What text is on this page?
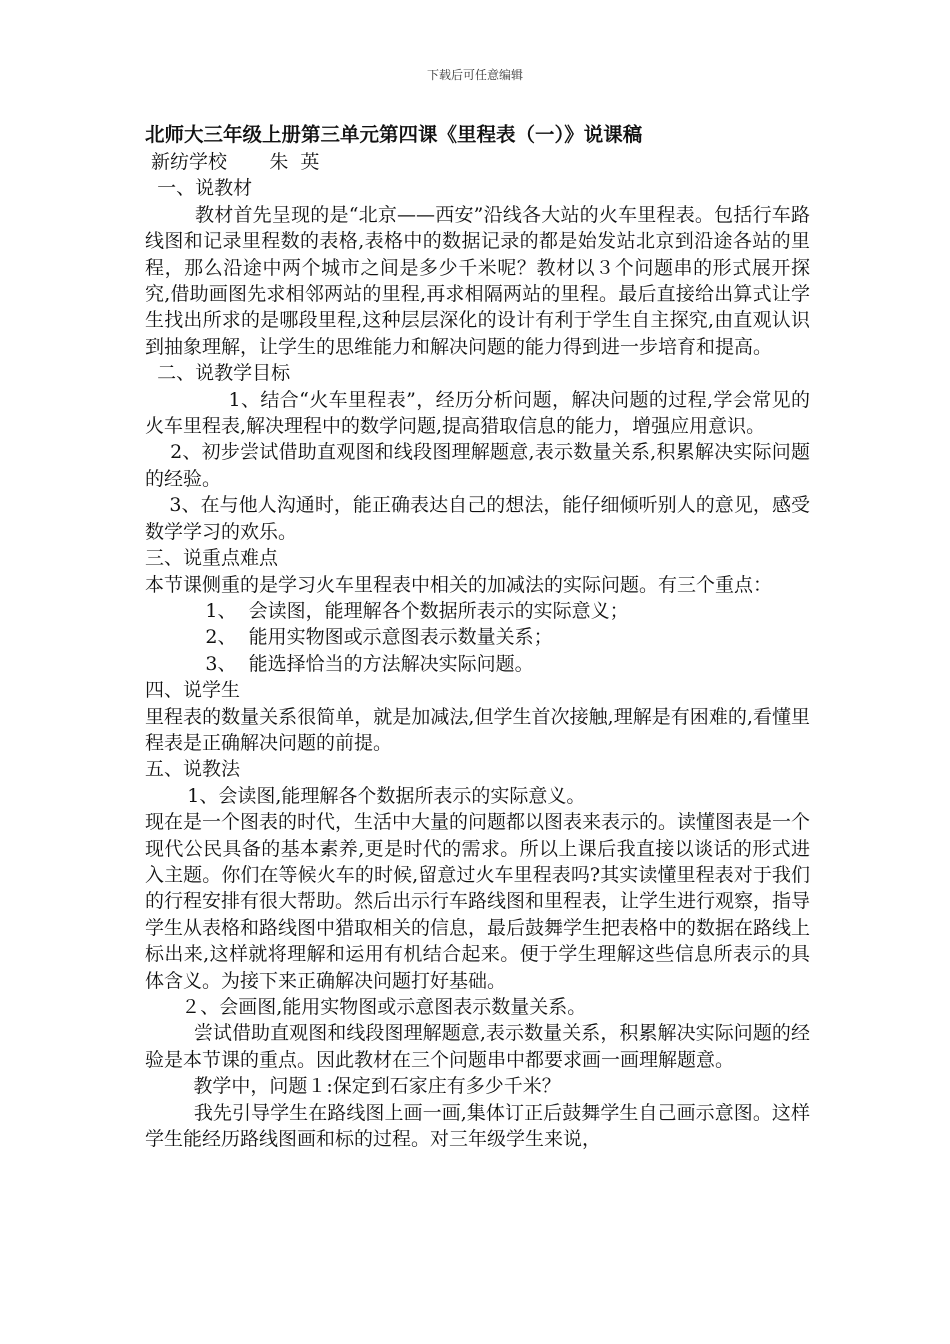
下载后可任意编辑

北师大三年级上册第三单元第四课《里程表（一）》说课稿

新纺学校       朱  英

一、说教材

教材首先呈现的是“北京——西安”沿线各大站的火车里程表。包括行车路线图和记录里程数的表格,表格中的数据记录的都是始发站北京到沿途各站的里程，那么沿途中两个城市之间是多少千米呢？教材以３个问题串的形式展开探究,借助画图先求相邻两站的里程,再求相隔两站的里程。最后直接给出算式让学生找出所求的是哪段里程,这种层层深化的设计有利于学生自主探究,由直观认识到抽象理解，让学生的思维能力和解决问题的能力得到进一步培育和提高。

二、说教学目标

1、结合“火车里程表”，经历分析问题，解决问题的过程,学会常见的火车里程表,解决理程中的数学问题,提高猎取信息的能力，增强应用意识。

2、初步尝试借助直观图和线段图理解题意,表示数量关系,积累解决实际问题的经验。

3、在与他人沟通时，能正确表达自己的想法，能仔细倾听别人的意见，感受数学学习的欢乐。

三、说重点难点

本节课侧重的是学习火车里程表中相关的加减法的实际问题。有三个重点：

1、  会读图，能理解各个数据所表示的实际意义；

2、  能用实物图或示意图表示数量关系；

3、  能选择恰当的方法解决实际问题。

四、说学生

里程表的数量关系很简单，就是加减法,但学生首次接触,理解是有困难的,看懂里程表是正确解决问题的前提。

五、说教法

1、会读图,能理解各个数据所表示的实际意义。

现在是一个图表的时代，生活中大量的问题都以图表来表示的。读懂图表是一个现代公民具备的基本素养,更是时代的需求。所以上课后我直接以谈话的形式进入主题。你们在等候火车的时候,留意过火车里程表吗?其实读懂里程表对于我们的行程安排有很大帮助。然后出示行车路线图和里程表，让学生进行观察，指导学生从表格和路线图中猎取相关的信息，最后鼓舞学生把表格中的数据在路线上标出来,这样就将理解和运用有机结合起来。便于学生理解这些信息所表示的具体含义。为接下来正确解决问题打好基础。

２、会画图,能用实物图或示意图表示数量关系。

尝试借助直观图和线段图理解题意,表示数量关系，积累解决实际问题的经验是本节课的重点。因此教材在三个问题串中都要求画一画理解题意。

教学中，问题１:保定到石家庄有多少千米？

我先引导学生在路线图上画一画,集体订正后鼓舞学生自己画示意图。这样学生能经历路线图画和标的过程。对三年级学生来说，
